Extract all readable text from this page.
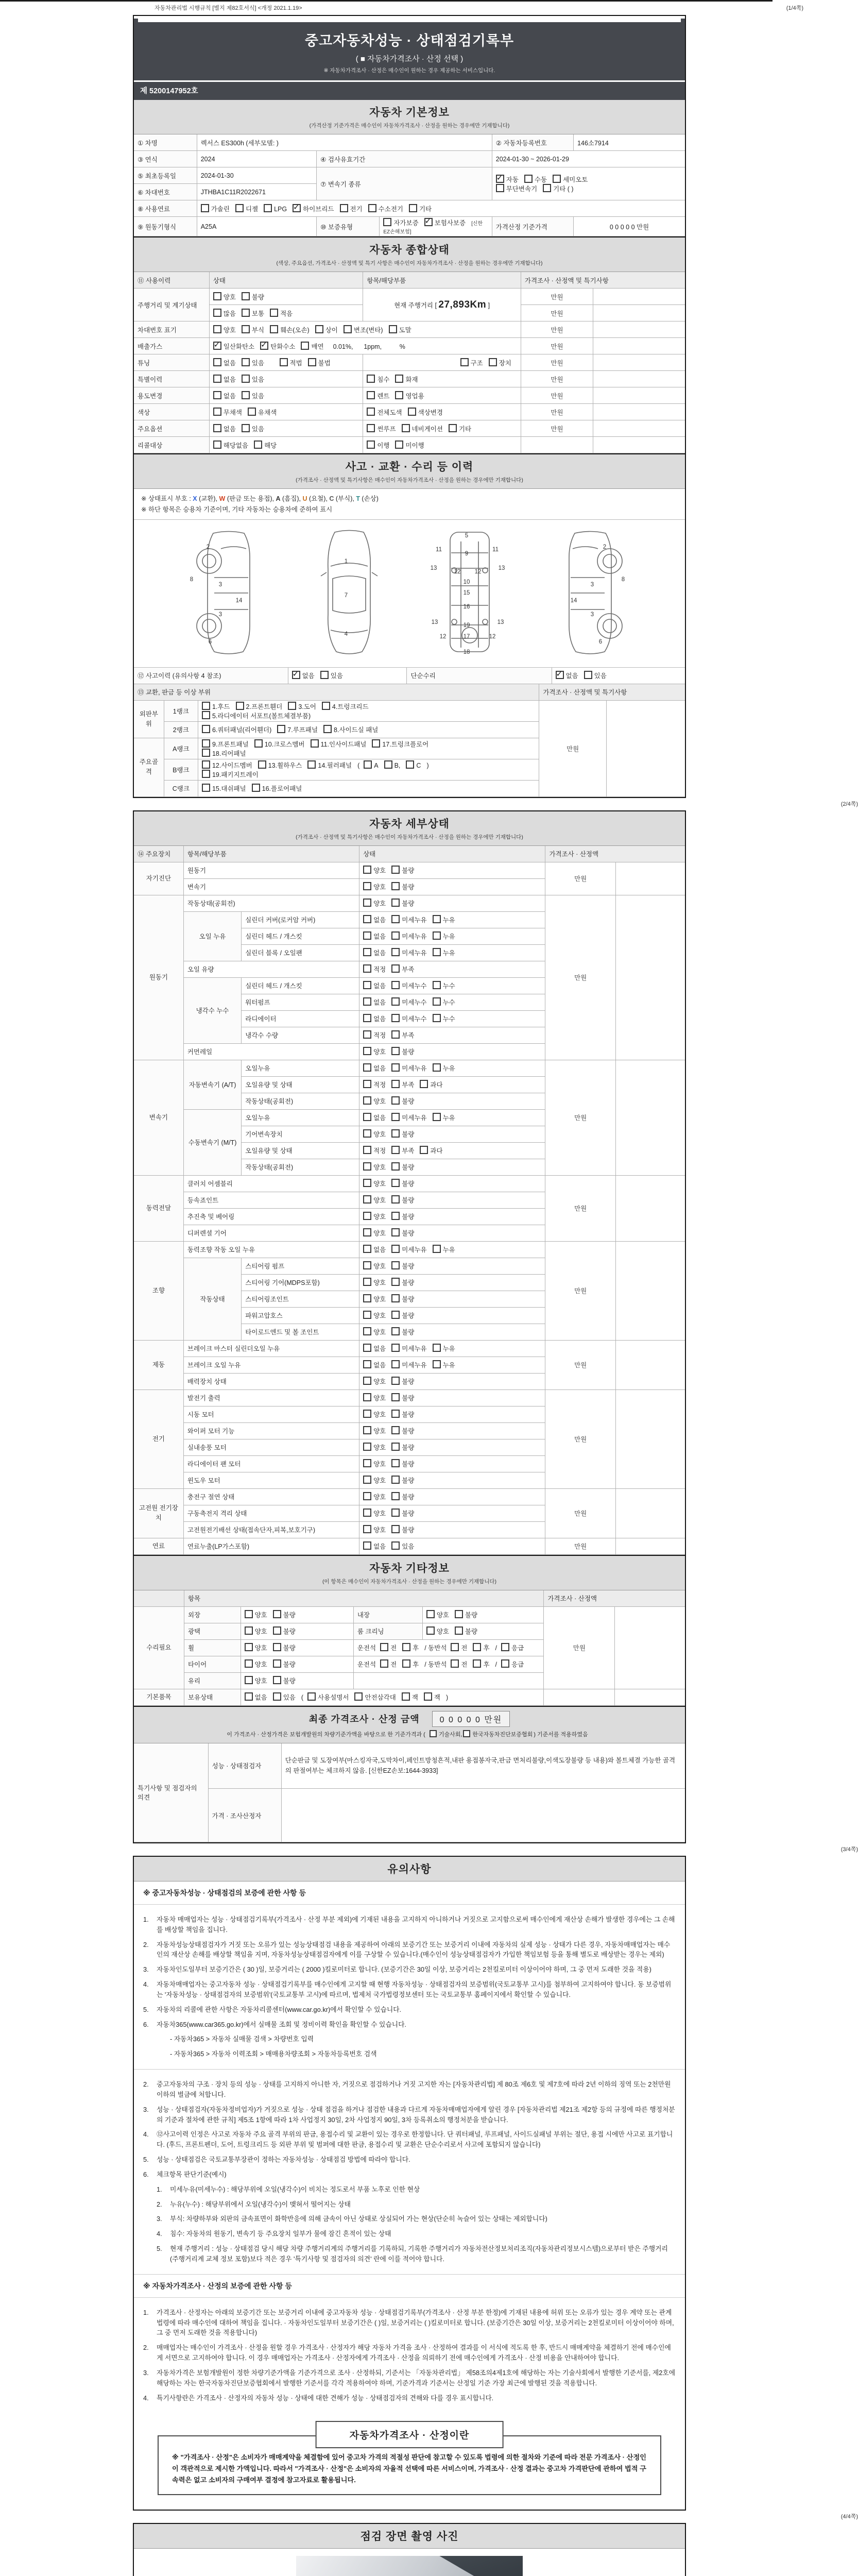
자동차관리법 시행규칙 [별지 제82호서식] <개정 2021.1.19>	(1/4쪽)
중고자동차성능 · 상태점검기록부
( ■ 자동차가격조사 · 산정 선택 )
※ 자동차가격조사 · 산정은 매수인이 원하는 경우 제공하는 서비스입니다.
제 5200147952호
자동차 기본정보
(가격산정 기준가격은 매수인이 자동차가격조사 · 산정을 원하는 경우에만 기재합니다)
① 차명	렉서스 ES300h (세부모델: )			② 자동차등록번호	146소7914
③ 연식	2024	④ 검사유효기간		2024-01-30 ~ 2026-01-29	
⑤ 최초등록일	2024-01-30	⑦ 변속기 종류	
✓자동 수동 세미오토
무단변속기 기타 ( )

⑥ 차대번호	JTHBA1C11R2022671				
⑧ 사용연료	가솔린 디젤 LPG ✓ 하이브리드 전기 수소전기 기타
⑨ 원동기형식	A25A	⑩ 보증유형	자가보증 ✓ 보험사보증 [신한EZ손해보험]	가격산정 기준가격	0 0 0 0 0 만원
자동차 종합상태
(색상, 주요옵션, 가격조사 · 산정액 및 특기 사항은 매수인이 자동차가격조사 · 산정을 원하는 경우에만 기재합니다)
⑪ 사용이력	상태	항목/해당부품	가격조사 · 산정액 및 특기사항	
주행거리 및 계기상태	양호 불량	현재 주행거리 [ 27,893Km ]	만원	
	많음 보통 적음		만원	
차대번호 표기	양호 부식 훼손(오손) 상이 변조(변타) 도말		만원	
배출가스	✓일산화탄소 ✓ 탄화수소 매연  0.01%,      1ppm,          %		만원	
튜닝	없음 있음 적법 불법	구조 장치	만원	
특별이력	없음 있음	침수 화재	만원	
용도변경	없음 있음	렌트 영업용	만원	
색상	무채색 유채색	전체도색 색상변경	만원	
주요옵션	없음 있음	썬루프 네비게이션 기타	만원	
리콜대상	해당없음 해당	이행 미이행		
사고 · 교환 · 수리 등 이력
(가격조사 · 산정액 및 특기사항은 매수인이 자동차가격조사 · 산정을 원하는 경우에만 기재합니다)
※ 상태표시 부호 : X (교환), W (판금 또는 용접), A (흠집), U (요철), C (부식), T (손상)
※ 하단 항목은 승용차 기준이며, 기타 자동차는 승용차에 준하여 표시
2
8
3
14
3
6
1
7
4
5
9
11	11
13	13
12 12
10
15
16
19
13	13
12	12
17
18
2
3
8
3
14
6
⑫ 사고이력 (유의사항 4 참조)	✓없음 있음	단순수리	✓없음 있음
⑬ 교환, 판금 등 이상 부위			가격조사 · 산정액 및 특기사항	
외판부위	1랭크	1.후드 2.프론트휀더 3.도어 4.트렁크리드
5.라디에이터 서포트(볼트체결부품)	만원	
	2랭크	6.쿼터패널(리어휀더) 7.루프패널 8.사이드실 패널		
주요골격	A랭크	9.프론트패널 10.크로스멤버 11.인사이드패널 17.트렁크플로어
18.리어패널		

	B랭크	12.사이드멤버 13.휠하우스 14.필러패널 ( A B, C )
19.패키지트레이		

	C랭크	15.대쉬패널 16.플로어패널		
(2/4쪽)
자동차 세부상태
(가격조사 · 산정액 및 특기사항은 매수인이 자동차가격조사 · 산정을 원하는 경우에만 기재합니다)
⑭ 주요장치	항목/해당부품		상태	가격조사 · 산정액	
자기진단	원동기		양호 불량	만원	
	변속기		양호 불량		
원동기	작동상태(공회전)		양호 불량	만원	
	오일 누유	실린더 커버(로커암 커버)	없음 미세누유 누유		
		실린더 헤드 / 개스킷	없음 미세누유 누유		
		실린더 블록 / 오일팬	없음 미세누유 누유		
	오일 유량		적정 부족		
	냉각수 누수	실린더 헤드 / 개스킷	없음 미세누수 누수		
		워터펌프	없음 미세누수 누수		
		라디에이터	없음 미세누수 누수		
		냉각수 수량	적정 부족		
	커먼레일		양호 불량		
변속기	자동변속기 (A/T)	오일누유	없음 미세누유 누유	만원	
		오일유량 및 상태	적정 부족 과다		
		작동상태(공회전)	양호 불량		
	수동변속기 (M/T)	오일누유	없음 미세누유 누유		
		기어변속장치	양호 불량		
		오일유량 및 상태	적정 부족 과다		
		작동상태(공회전)	양호 불량		
동력전달	클러치 어셈블리		양호 불량	만원	
	등속죠인트		양호 불량		
	추진축 및 베어링		양호 불량		
	디퍼렌셜 기어		양호 불량		
조향	동력조향 작동 오일 누유		없음 미세누유 누유	만원	
	작동상태	스티어링 펌프	양호 불량		
		스티어링 기어(MDPS포함)	양호 불량		
		스티어링조인트	양호 불량		
		파워고압호스	양호 불량		
		타이로드엔드 및 볼 조인트	양호 불량		
제동	브레이크 마스터 실린더오일 누유		없음 미세누유 누유	만원	
	브레이크 오일 누유		없음 미세누유 누유		
	배력장치 상태		양호 불량		
전기	발전기 출력		양호 불량	만원	
	시동 모터		양호 불량		
	와이퍼 모터 기능		양호 불량		
	실내송풍 모터		양호 불량		
	라디에이터 팬 모터		양호 불량		
	윈도우 모터		양호 불량		
고전원 전기장치	충전구 절연 상태		양호 불량	만원	
	구동축전지 격리 상태		양호 불량		
	고전원전기배선 상태(접속단자,피복,보호기구)		양호 불량		
연료	연료누출(LP가스포함)		없음 있음	만원	
자동차 기타정보
(이 항목은 매수인이 자동차가격조사 · 산정을 원하는 경우에만 기재합니다)
	항목				가격조사 · 산정액	
수리필요	외장	양호 불량	내장	양호 불량	만원	
	광택	양호 불량	룸 크리닝	양호 불량		
	휠	양호 불량	운전석 전 후 / 동반석 전 후 / 응급			
	타이어	양호 불량	운전석 전 후 / 동반석 전 후 / 응급			
	유리	양호 불량				
기본품목	보유상태	없음 있음 ( 사용설명서 안전삼각대 잭 잭 )				
최종 가격조사 · 산정 금액 0 0 0 0 0 만원
이 가격조사 · 산정가격은 보험개발원의 차량기준가액을 바탕으로 한 기준가격과 ( 기술사회, 한국자동차진단보증협회 ) 기준서를 적용하였음
특기사항 및 점검자의 의견	성능 · 상태점검자	단순판금 및 도장여부(마스킹자국,도막차이,페인트방청흔적,내판 용접봉자국,판금 면처리불량,이색도장불량 등 내용)와 볼트체결 가능한 골격의 판절여부는 체크하지 않음. [신한EZ손보:1644-3933]
	가격 · 조사산정자	
(3/4쪽)
유의사항
※ 중고자동차성능 · 상태점검의 보증에 관한 사항 등
1.	자동차 매매업자는 성능 · 상태점검기록부(가격조사 · 산정 부분 제외)에 기재된 내용을 고지하지 아니하거나 거짓으로 고지함으로써 매수인에게 재산상 손해가 발생한 경우에는 그 손해를 배상할 책임을 집니다.
2.	자동차성능상태점검자가 거짓 또는 오류가 있는 성능상태점검 내용을 제공하여 아래의 보증기간 또는 보증거리 이내에 자동차의 실제 성능 · 상태가 다른 경우, 자동차매매업자는 매수인의 재산상 손해를 배상할 책임을 지며, 자동차성능상태점검자에게 이를 구상할 수 있습니다.(매수인이 성능상태점검자가 가입한 책임보험 등을 통해 별도로 배상받는 경우는 제외)
3.	자동차인도일부터 보증기간은 ( 30 )일, 보증거리는 ( 2000 )킬로미터로 합니다. (보증기간은 30일 이상, 보증거리는 2천킬로미터 이상이어야 하며, 그 중 먼저 도래한 것을 적용)
4.	자동차매매업자는 중고자동차 성능 · 상태점검기록부를 매수인에게 고지할 때 현행 자동차성능 · 상태점검자의 보증범위(국토교통부 고시)를 첨부하여 고지하여야 합니다. 동 보증범위는 '자동차성능 · 상태점검자의 보증범위'(국토교통부 고시)에 따르며, 법제처 국가법령정보센터 또는 국토교통부 홈페이지에서 확인할 수 있습니다.
5.	자동차의 리콜에 관한 사항은 자동차리콜센터(www.car.go.kr)에서 확인할 수 있습니다.
6.	자동차365(www.car365.go.kr)에서 실매물 조회 및 정비이력 확인을 확인할 수 있습니다.
- 자동차365 > 자동차 실매물 검색 > 차량번호 입력
- 자동차365 > 자동차 이력조회 > 매매용차량조회 > 자동차등록번호 검색
2.	중고자동차의 구조 · 장치 등의 성능 · 상태를 고지하지 아니한 자, 거짓으로 점검하거나 거짓 고지한 자는 [자동차관리법] 제 80조 제6호 및 제7호에 따라 2년 이하의 징역 또는 2천만원 이하의 벌금에 처합니다.
3.	성능 · 상태점검자(자동차정비업자)가 거짓으로 성능 · 상태 점검을 하거나 점검한 내용과 다르게 자동차매매업자에게 알린 경우 [자동차관리법 제21조 제2항 등의 규정에 따른 행정처분의 기준과 절차에 관한 규칙] 제5조 1항에 따라 1차 사업정지 30일, 2차 사업정지 90일, 3차 등록취소의 행정처분을 받습니다.
4.	⑫사고이력 인정은 사고로 자동차 주요 골격 부위의 판금, 용접수리 및 교환이 있는 경우로 한정합니다. 단 쿼터패널, 루프패널, 사이드실패널 부위는 절단, 용접 시에만 사고로 표기합니다. (후드, 프론트펜더, 도어, 트렁크리드 등 외판 부위 및 범퍼에 대한 판금, 용접수리 및 교환은 단순수리로서 사고에 포함되지 않습니다)
5.	성능 · 상태점검은 국토교통부장관이 정하는 자동차성능 · 상태점검 방법에 따라야 합니다.
6.	체크항목 판단기준(예시)
1.	미세누유(미세누수) : 해당부위에 오일(냉각수)이 비치는 정도로서 부품 노후로 인한 현상
2.	누유(누수) : 해당부위에서 오일(냉각수)이 맺혀서 떨어지는 상태
3.	부식: 차량하부와 외판의 금속표면이 화학반응에 의해 금속이 아닌 상태로 상실되어 가는 현상(단순히 녹슬어 있는 상태는 제외합니다)
4.	침수: 자동차의 원동기, 변속기 등 주요장치 일부가 물에 잠긴 흔적이 있는 상태
5.	현재 주행거리 : 성능 · 상태점검 당시 해당 차량 주행거리계의 주행거리를 기록하되, 기록한 주행거리가 자동차전산정보처리조직(자동차관리정보시스템)으로부터 받은 주행거리(주행거리계 교체 정보 포함)보다 적은 경우 '특기사항 및 점검자의 의견' 란에 이를 적어야 합니다.
※ 자동차가격조사 · 산정의 보증에 관한 사항 등
1.	가격조사 · 산정자는 아래의 보증기간 또는 보증거리 이내에 중고자동차 성능 · 상태점검기록부(가격조사 · 산정 부분 한정)에 기재된 내용에 허위 또는 오류가 있는 경우 계약 또는 관계법령에 따라 매수인에 대하여 책임을 집니다. · 자동차인도일부터 보증기간은 ( )일, 보증거리는 ( )킬로미터로 합니다. (보증기간은 30일 이상, 보증거리는 2천킬로미터 이상이어야 하며, 그 중 먼저 도래한 것을 적용합니다)
2.	매매업자는 매수인이 가격조사 · 산정을 원할 경우 가격조사 · 산정자가 해당 자동차 가격을 조사 · 산정하여 결과를 이 서식에 적도록 한 후, 반드시 매매계약을 체결하기 전에 매수인에게 서면으로 고지하여야 합니다. 이 경우 매매업자는 가격조사 · 산정자에게 가격조사 · 산정을 의뢰하기 전에 매수인에게 가격조사 · 산정 비용을 안내하여야 합니다.
3.	자동차가격은 보험개발원이 정한 차량기준가액을 기준가격으로 조사 · 산정하되, 기준서는 「자동차관리법」 제58조의4제1호에 해당하는 자는 기술사회에서 발행한 기준서를, 제2호에 해당하는 자는 한국자동차진단보증협회에서 발행한 기준서를 각각 적용하여야 하며, 기준가격과 기준서는 산정일 기준 가장 최근에 발행된 것을 적용합니다.
4.	특기사항란은 가격조사 · 산정자의 자동차 성능 · 상태에 대한 견해가 성능 · 상태점검자의 견해와 다를 경우 표시합니다.
자동차가격조사 · 산정이란
※ "가격조사 · 산정"은 소비자가 매매계약을 체결함에 있어 중고차 가격의 적절성 판단에 참고할 수 있도록 법령에 의한 절차와 기준에 따라 전문 가격조사 · 산정인이 객관적으로 제시한 가액입니다. 따라서 "가격조사 · 산정"은 소비자의 자율적 선택에 따른 서비스이며, 가격조사 · 산정 결과는 중고차 가격판단에 관하여 법적 구속력은 없고 소비자의 구매여부 결정에 참고자료로 활용됩니다.
(4/4쪽)
점검 장면 촬영 사진
